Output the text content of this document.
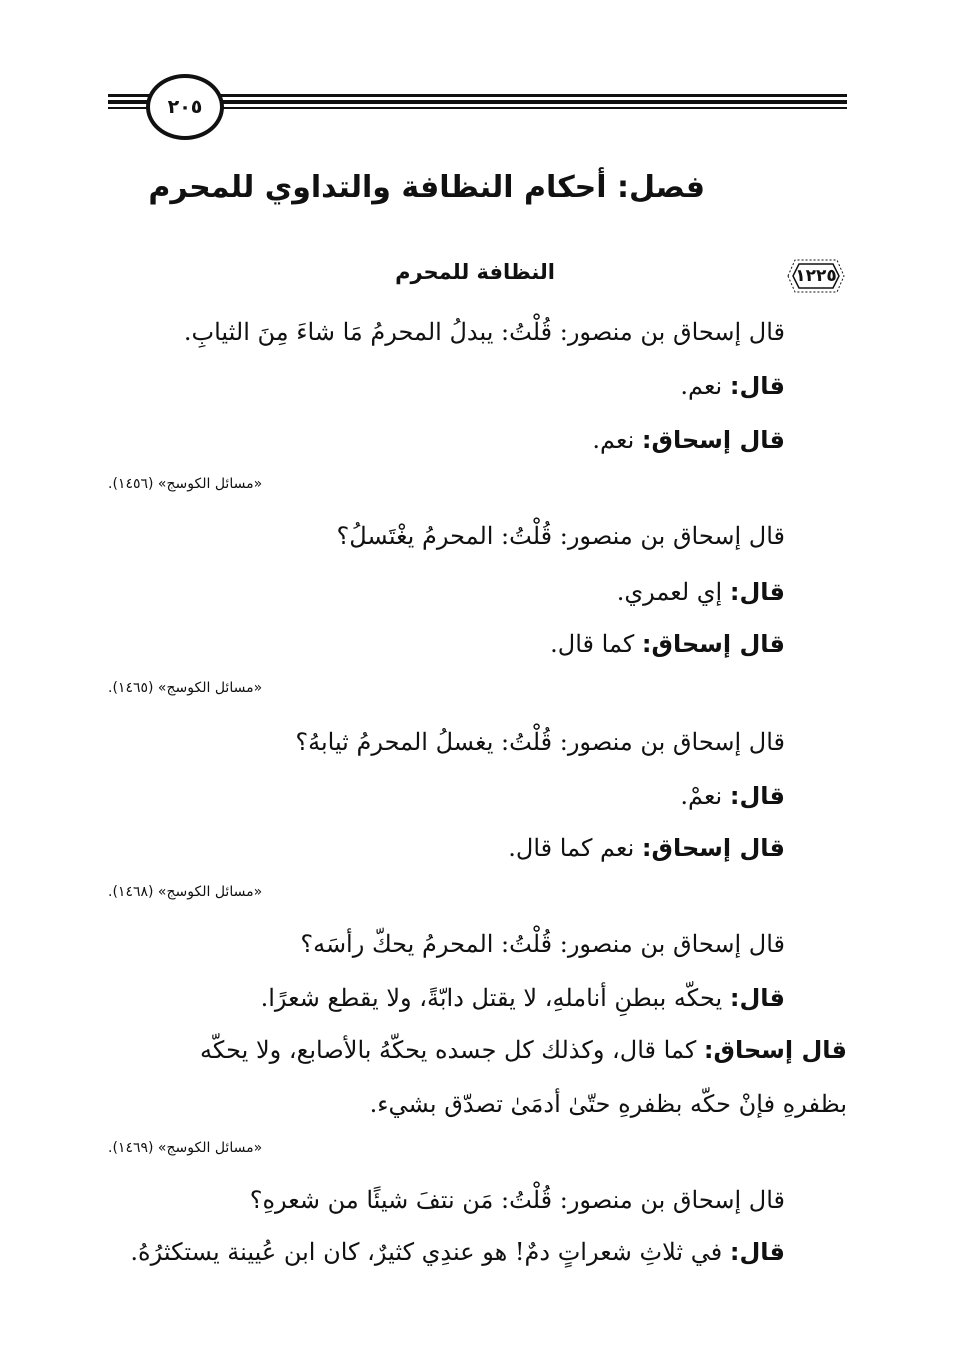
٢٠٥
فصل: أحكام النظافة والتداوي للمحرم
١٢٢٥
النظافة للمحرم
قال إسحاق بن منصور: قُلْتُ: يبدلُ المحرمُ مَا شاءَ مِنَ الثيابِ.
قال: نعم.
قال إسحاق: نعم.
«مسائل الكوسج» (١٤٥٦).
قال إسحاق بن منصور: قُلْتُ: المحرمُ يغْتَسلُ؟
قال: إي لعمري.
قال إسحاق: كما قال.
«مسائل الكوسج» (١٤٦٥).
قال إسحاق بن منصور: قُلْتُ: يغسلُ المحرمُ ثيابهُ؟
قال: نعمْ.
قال إسحاق: نعم كما قال.
«مسائل الكوسج» (١٤٦٨).
قال إسحاق بن منصور: قُلْتُ: المحرمُ يحكّ رأسَه؟
قال: يحكّه ببطنِ أناملهِ، لا يقتل دابّةً، ولا يقطع شعرًا.
قال إسحاق: كما قال، وكذلك كل جسده يحكّهُ بالأصابع، ولا يحكّه
بظفرهِ فإنْ حكّه بظفرهِ حتّىٰ أدمَىٰ تصدّق بشيء.
«مسائل الكوسج» (١٤٦٩).
قال إسحاق بن منصور: قُلْتُ: مَن نتفَ شيئًا من شعرهِ؟
قال: في ثلاثِ شعراتٍ دمٌ! هو عندِي كثيرٌ، كان ابن عُيينة يستكثرُهُ.
